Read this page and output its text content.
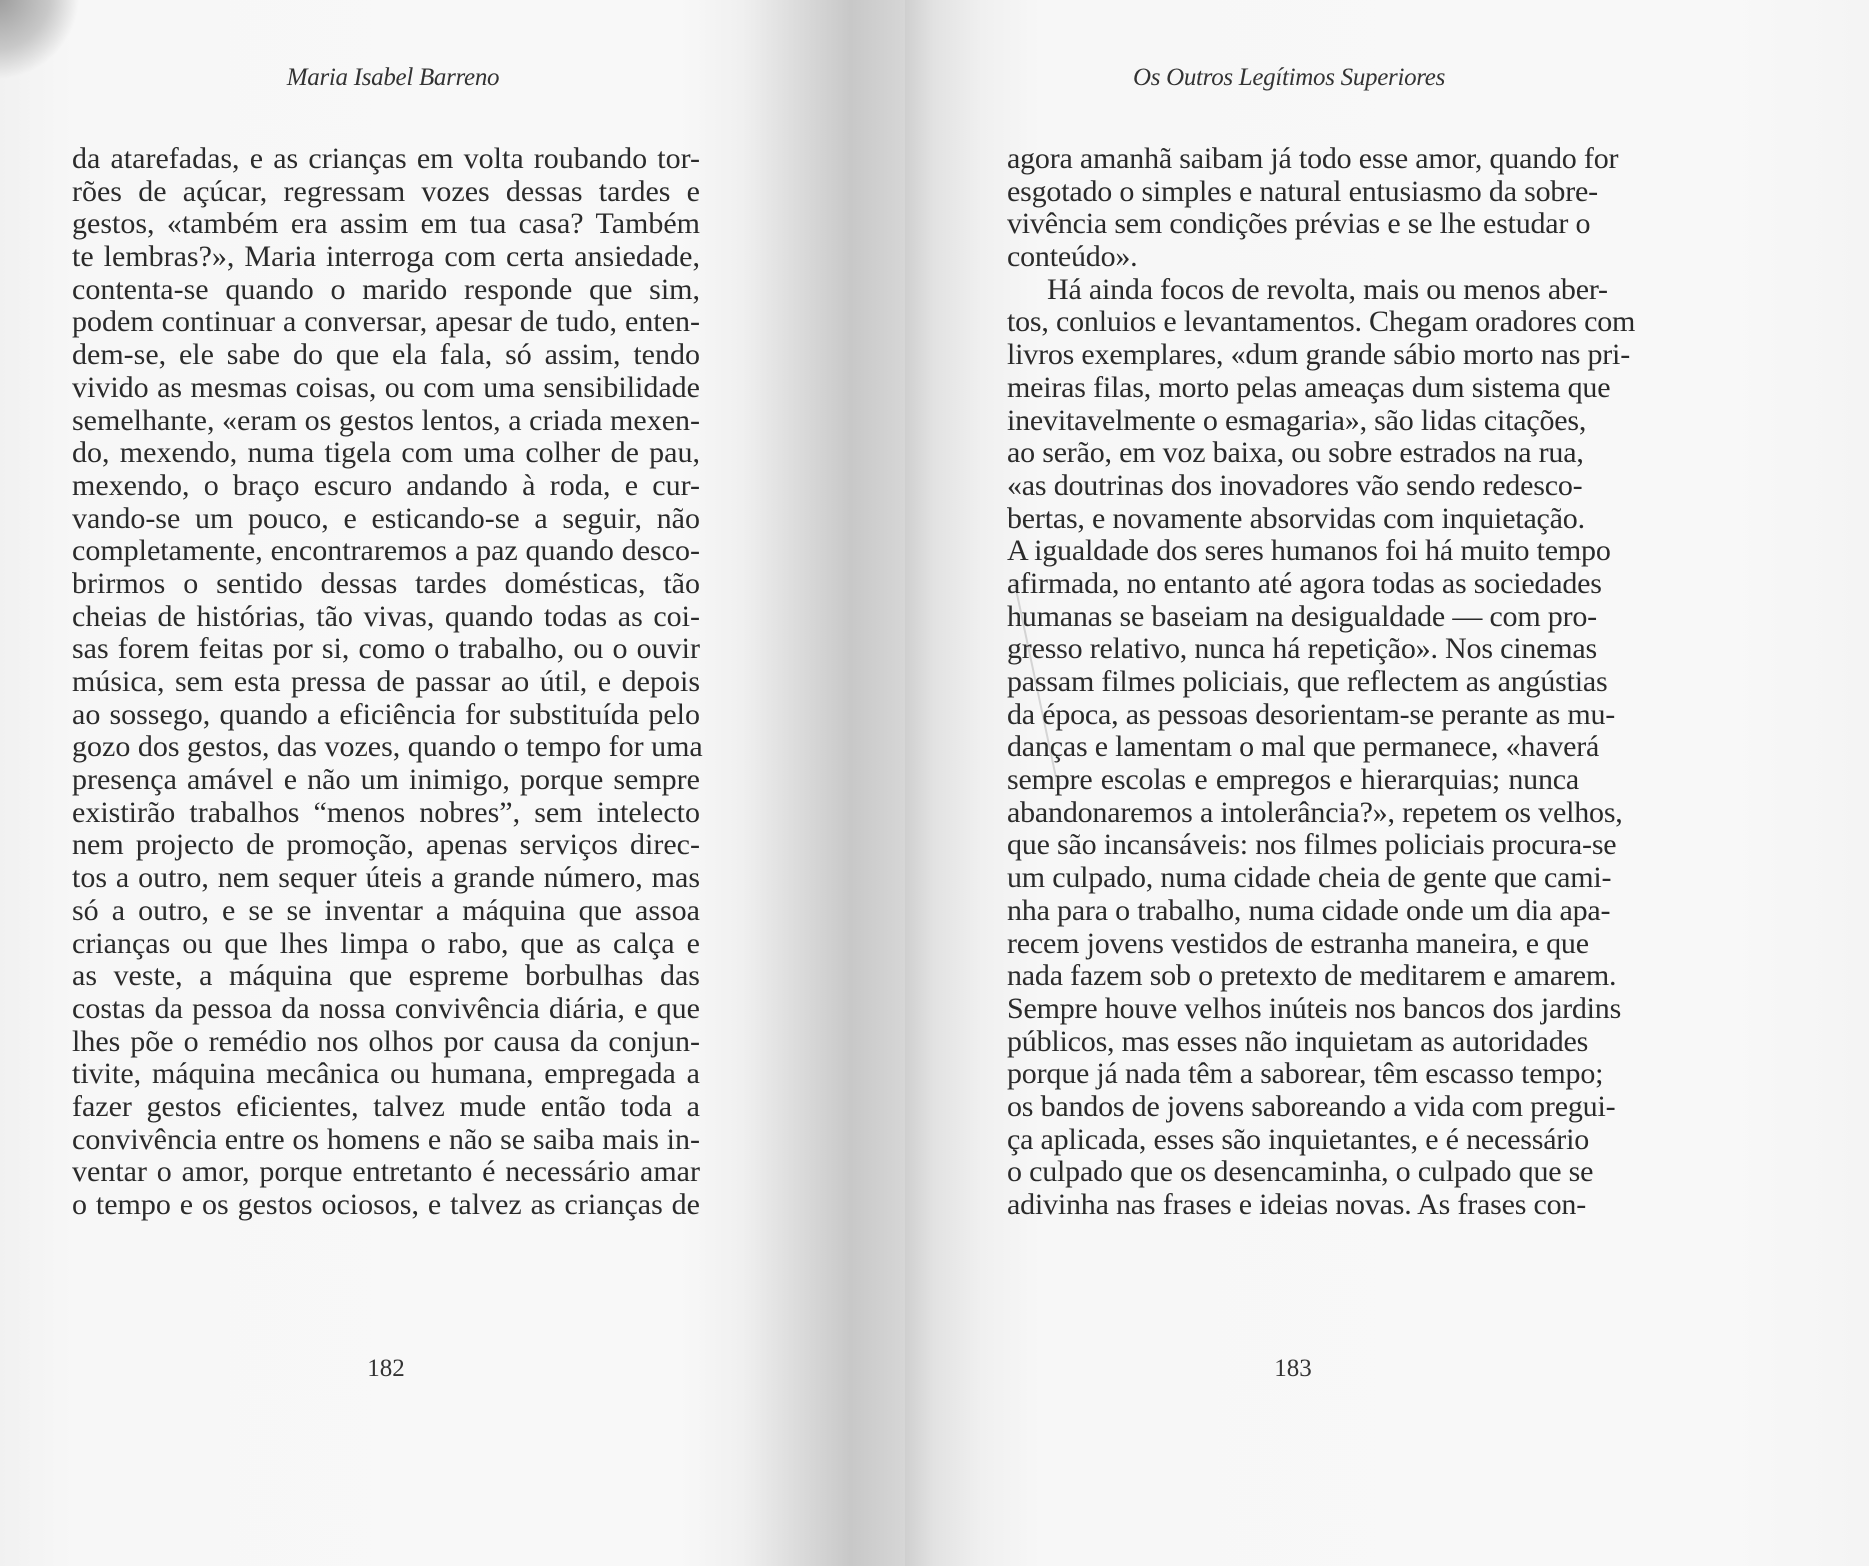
Maria Isabel Barreno
da atarefadas, e as crianças em volta roubando tor-
rões de açúcar, regressam vozes dessas tardes e
gestos, «também era assim em tua casa? Também
te lembras?», Maria interroga com certa ansiedade,
contenta-se quando o marido responde que sim,
podem continuar a conversar, apesar de tudo, enten-
dem-se, ele sabe do que ela fala, só assim, tendo
vivido as mesmas coisas, ou com uma sensibilidade
semelhante, «eram os gestos lentos, a criada mexen-
do, mexendo, numa tigela com uma colher de pau,
mexendo, o braço escuro andando à roda, e cur-
vando-se um pouco, e esticando-se a seguir, não
completamente, encontraremos a paz quando desco-
brirmos o sentido dessas tardes domésticas, tão
cheias de histórias, tão vivas, quando todas as coi-
sas forem feitas por si, como o trabalho, ou o ouvir
música, sem esta pressa de passar ao útil, e depois
ao sossego, quando a eficiência for substituída pelo
gozo dos gestos, das vozes, quando o tempo for uma
presença amável e não um inimigo, porque sempre
existirão trabalhos “menos nobres”, sem intelecto
nem projecto de promoção, apenas serviços direc-
tos a outro, nem sequer úteis a grande número, mas
só a outro, e se se inventar a máquina que assoa
crianças ou que lhes limpa o rabo, que as calça e
as veste, a máquina que espreme borbulhas das
costas da pessoa da nossa convivência diária, e que
lhes põe o remédio nos olhos por causa da conjun-
tivite, máquina mecânica ou humana, empregada a
fazer gestos eficientes, talvez mude então toda a
convivência entre os homens e não se saiba mais in-
ventar o amor, porque entretanto é necessário amar
o tempo e os gestos ociosos, e talvez as crianças de
182
Os Outros Legítimos Superiores
agora amanhã saibam já todo esse amor, quando for
esgotado o simples e natural entusiasmo da sobre-
vivência sem condições prévias e se lhe estudar o
conteúdo».
Há ainda focos de revolta, mais ou menos aber-
tos, conluios e levantamentos. Chegam oradores com
livros exemplares, «dum grande sábio morto nas pri-
meiras filas, morto pelas ameaças dum sistema que
inevitavelmente o esmagaria», são lidas citações,
ao serão, em voz baixa, ou sobre estrados na rua,
«as doutrinas dos inovadores vão sendo redesco-
bertas, e novamente absorvidas com inquietação.
A igualdade dos seres humanos foi há muito tempo
afirmada, no entanto até agora todas as sociedades
humanas se baseiam na desigualdade — com pro-
gresso relativo, nunca há repetição». Nos cinemas
passam filmes policiais, que reflectem as angústias
da época, as pessoas desorientam-se perante as mu-
danças e lamentam o mal que permanece, «haverá
sempre escolas e empregos e hierarquias; nunca
abandonaremos a intolerância?», repetem os velhos,
que são incansáveis: nos filmes policiais procura-se
um culpado, numa cidade cheia de gente que cami-
nha para o trabalho, numa cidade onde um dia apa-
recem jovens vestidos de estranha maneira, e que
nada fazem sob o pretexto de meditarem e amarem.
Sempre houve velhos inúteis nos bancos dos jardins
públicos, mas esses não inquietam as autoridades
porque já nada têm a saborear, têm escasso tempo;
os bandos de jovens saboreando a vida com pregui-
ça aplicada, esses são inquietantes, e é necessário
o culpado que os desencaminha, o culpado que se
adivinha nas frases e ideias novas. As frases con-
183
